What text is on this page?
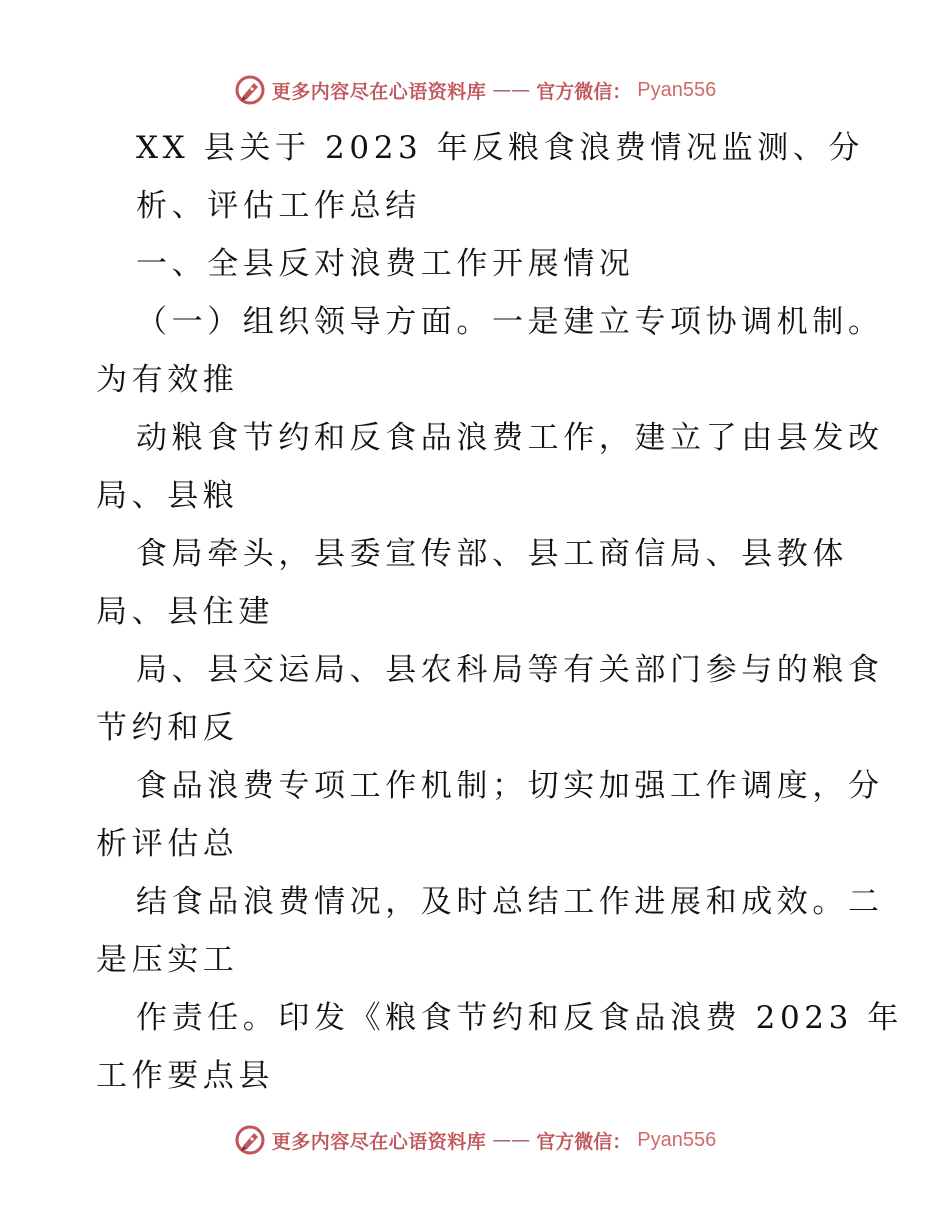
更多内容尽在心语资料库 —— 官方微信： Pyan556
XX 县关于 2023 年反粮食浪费情况监测、分
析、评估工作总结
一、全县反对浪费工作开展情况
（一）组织领导方面。一是建立专项协调机制。
为有效推
动粮食节约和反食品浪费工作，建立了由县发改
局、县粮
食局牵头，县委宣传部、县工商信局、县教体
局、县住建
局、县交运局、县农科局等有关部门参与的粮食
节约和反
食品浪费专项工作机制；切实加强工作调度，分
析评估总
结食品浪费情况，及时总结工作进展和成效。二
是压实工
作责任。印发《粮食节约和反食品浪费 2023 年
工作要点县
更多内容尽在心语资料库 —— 官方微信： Pyan556
